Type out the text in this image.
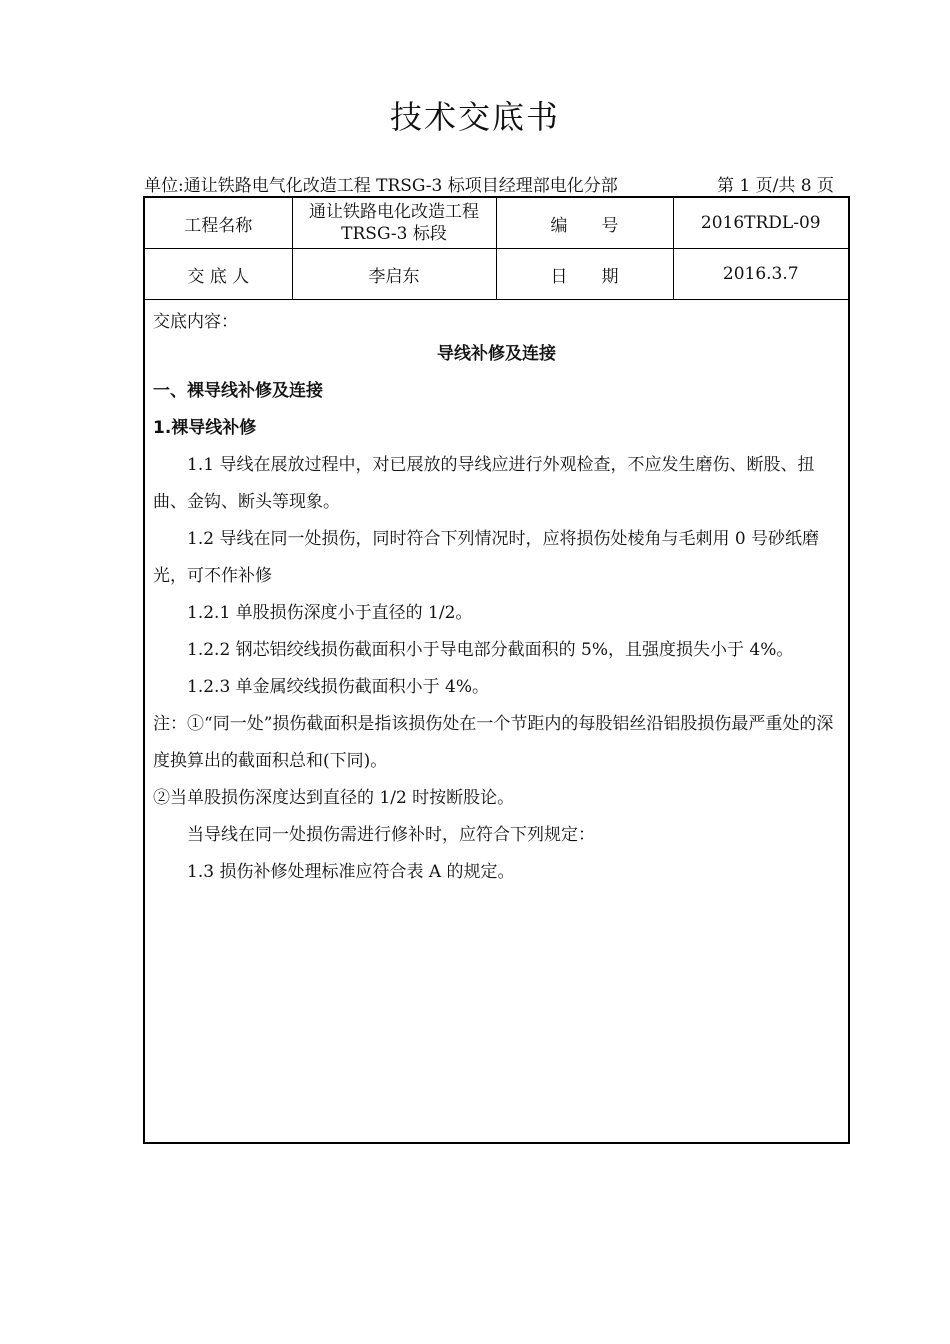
技术交底书
单位:通让铁路电气化改造工程 TRSG-3 标项目经理部电化分部	第 1 页/共 8 页
工程名称	通让铁路电化改造工程 TRSG-3 标段	编　　号	2016TRDL-09
交 底 人	李启东	日　　期	2016.3.7

交底内容：

导线补修及连接

一、裸导线补修及连接

1.裸导线补修

1.1 导线在展放过程中，对已展放的导线应进行外观检查，不应发生磨伤、断股、扭曲、金钩、断头等现象。

1.2 导线在同一处损伤，同时符合下列情况时，应将损伤处棱角与毛刺用 0 号砂纸磨光，可不作补修

1.2.1 单股损伤深度小于直径的 1/2。

1.2.2 钢芯铝绞线损伤截面积小于导电部分截面积的 5%，且强度损失小于 4%。

1.2.3 单金属绞线损伤截面积小于 4%。

注：①“同一处”损伤截面积是指该损伤处在一个节距内的每股铝丝沿铝股损伤最严重处的深度换算出的截面积总和(下同)。

②当单股损伤深度达到直径的 1/2 时按断股论。

当导线在同一处损伤需进行修补时，应符合下列规定：

1.3 损伤补修处理标准应符合表 A 的规定。
